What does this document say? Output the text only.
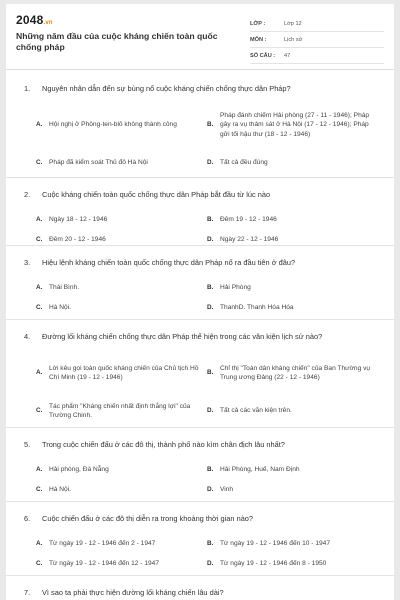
2048.vn
Những năm đầu của cuộc kháng chiến toàn quốc chống pháp
LỚP :	Lớp 12
MÔN :	Lịch sử
SỐ CÂU :	47
1. Nguyên nhân dẫn đến sự bùng nổ cuộc kháng chiến chống thực dân Pháp?
A. Hội nghị ở Phông-ten-blô không thành công	B.
Pháp đánh chiếm Hải phòng (27 - 11 - 1946); Pháp gây ra vụ thảm sát ở Hà Nội (17 - 12 - 1946); Pháp gửi tối hậu thư (18 - 12 - 1946)
C. Pháp đã kiểm soát Thủ đô Hà Nội	D. Tất cả đều đúng
2. Cuộc kháng chiến toàn quốc chống thực dân Pháp bắt đầu từ lúc nào
A. Ngày 18 - 12 - 1946	B. Đêm 19 - 12 - 1946
C. Đêm 20 - 12 - 1946	D. Ngày 22 - 12 - 1946
3. Hiệu lệnh kháng chiến toàn quốc chống thực dân Pháp nổ ra đầu tiên ở đâu?
A. Thái Bình.	B. Hải Phòng
C. Hà Nội.	D. ThanhD. Thanh Hóa Hóa
4. Đường lối kháng chiến chống thực dân Pháp thể hiện trong các văn kiện lịch sử nào?
A.
Lời kêu gọi toàn quốc kháng chiến của Chủ tịch Hồ Chí Minh (19 - 12 - 1946)
B.
Chỉ thị "Toàn dân kháng chiến" của Ban Thường vụ Trung ương Đảng (22 - 12 - 1946)
C.
Tác phẩm "Kháng chiến nhất định thắng lợi" của Trường Chinh.
D. Tất cả các văn kiện trên.
5. Trong cuộc chiến đấu ở các đô thị, thành phố nào kìm chân địch lâu nhất?
A. Hải phòng, Đà Nẵng	B. Hải Phòng, Huế, Nam Định
C. Hà Nội.	D. Vinh
6. Cuộc chiến đấu ở các đô thị diễn ra trong khoảng thời gian nào?
A. Từ ngày 19 - 12 - 1946 đến 2 - 1947	B. Từ ngày 19 - 12 - 1946 đến 10 - 1947
C. Từ ngày 19 - 12 - 1946 đến 12 - 1947	D. Từ ngày 19 - 12 - 1946 đến 8 - 1950
7. Vì sao ta phải thực hiện đường lối kháng chiến lâu dài?
